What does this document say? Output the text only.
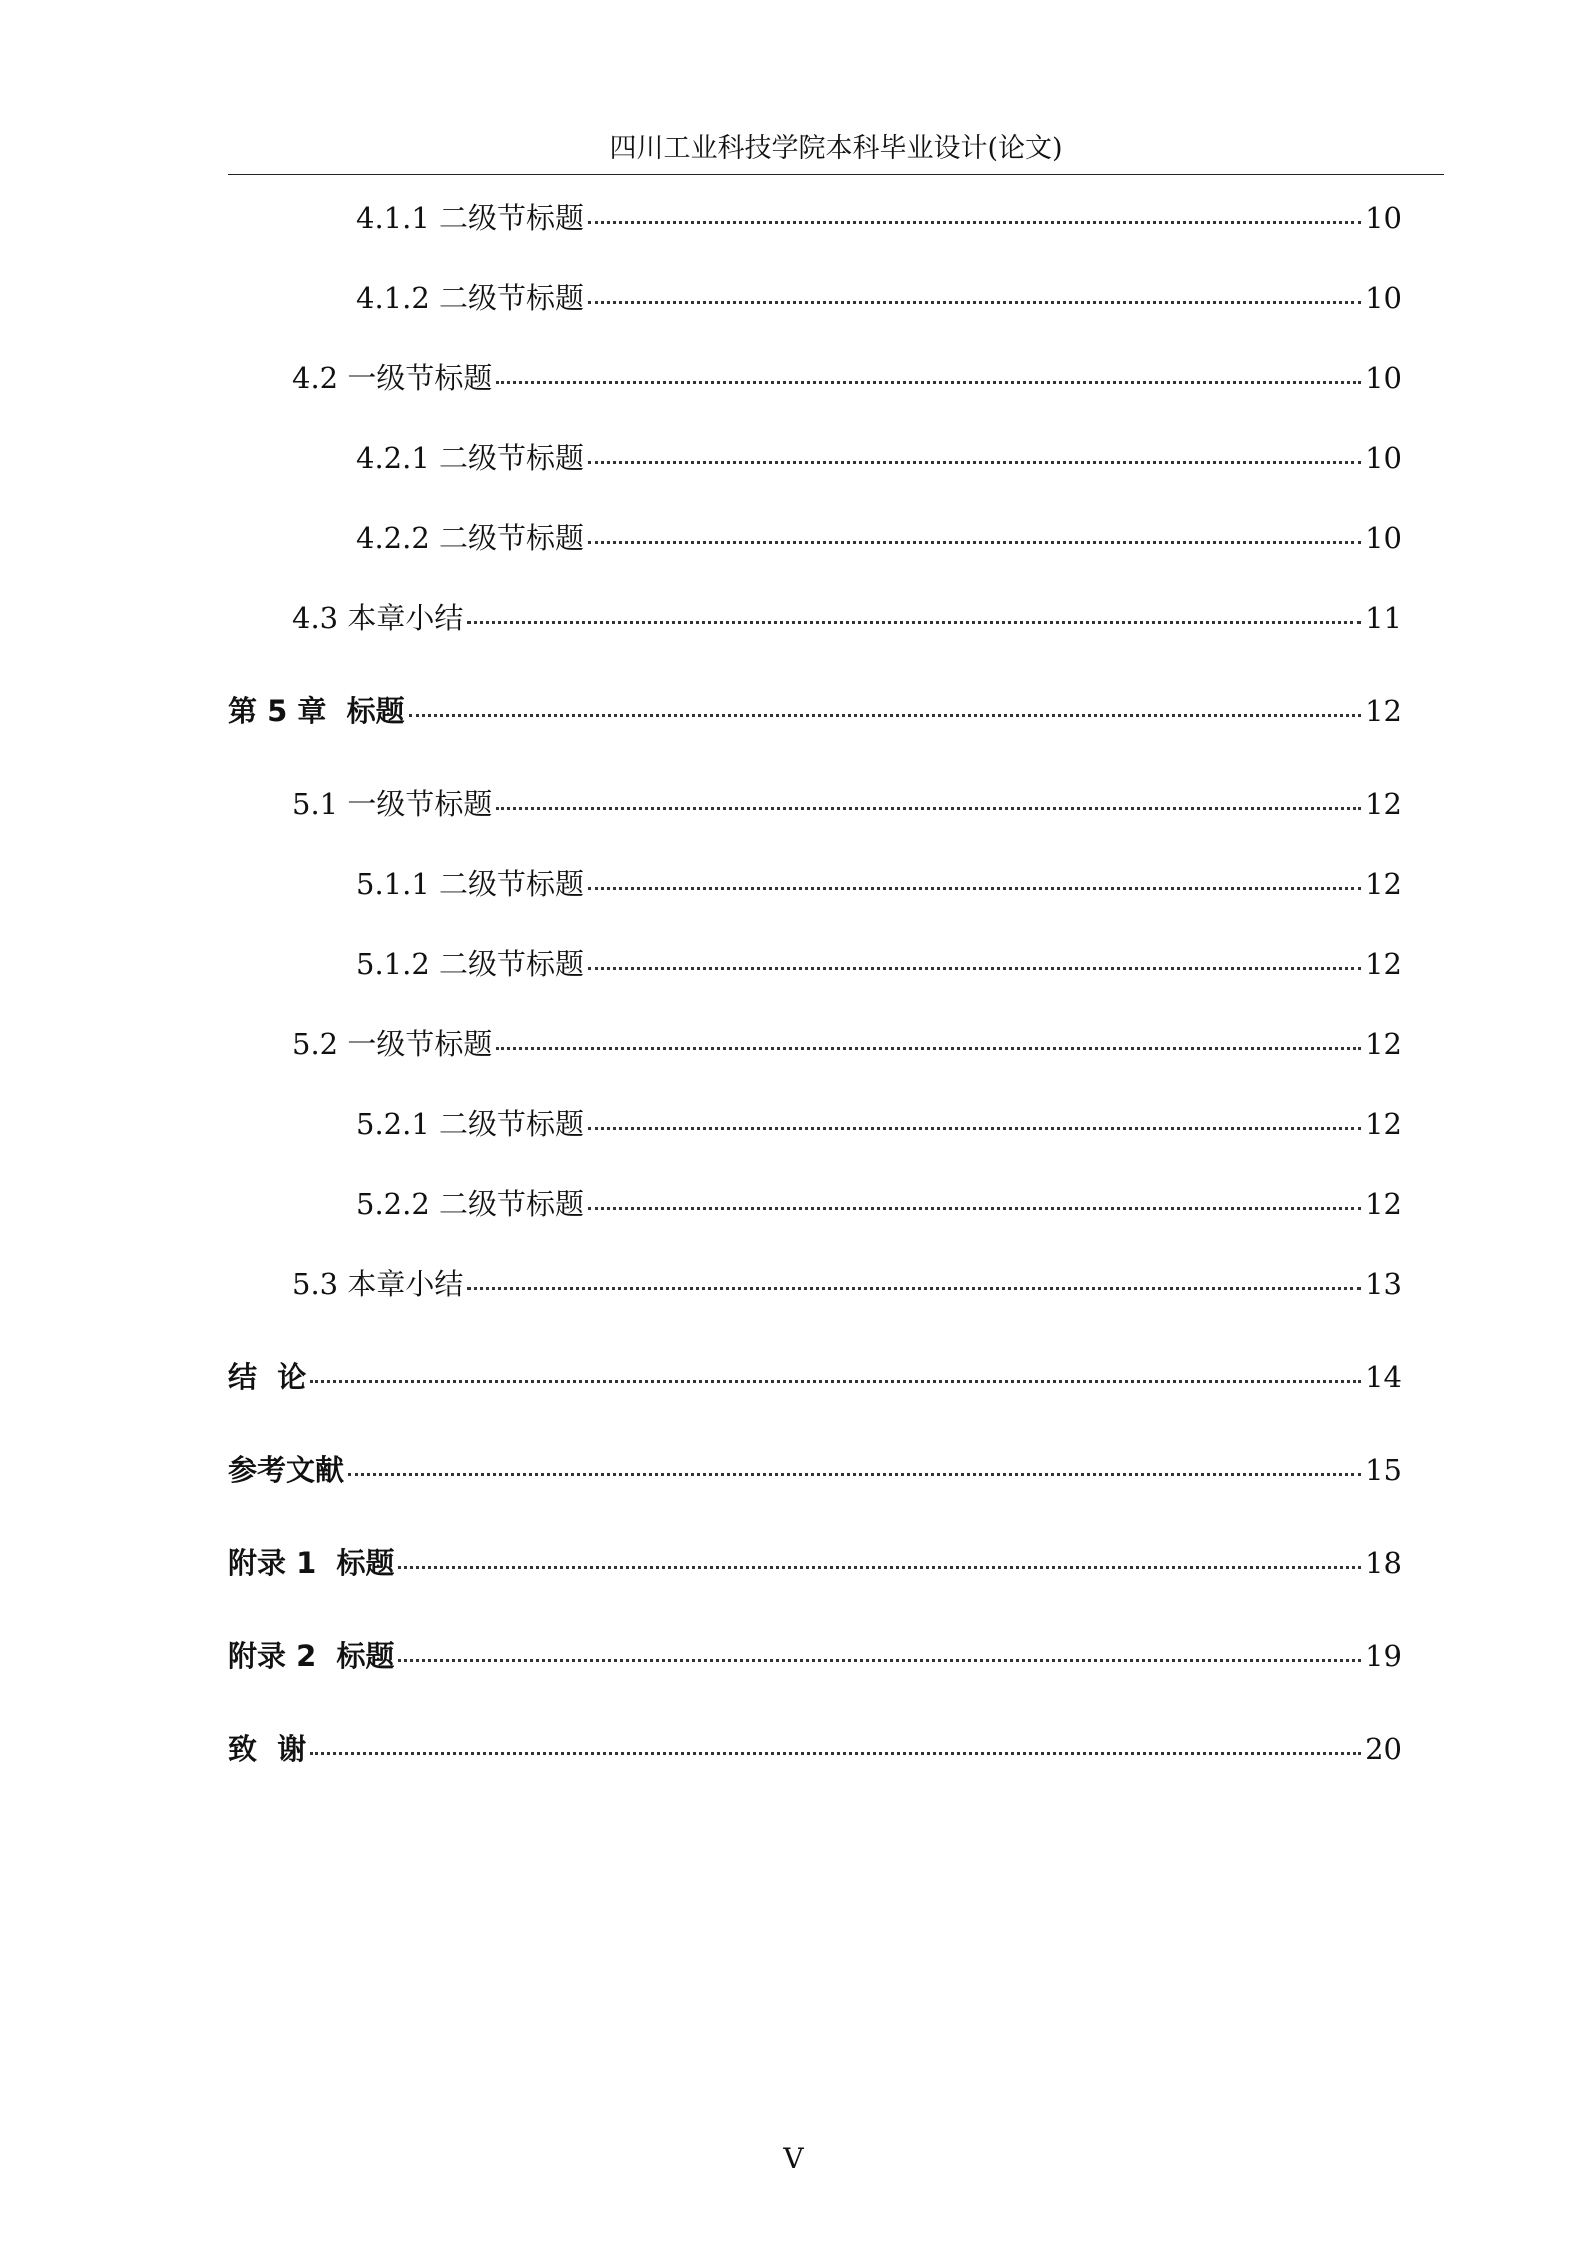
四川工业科技学院本科毕业设计(论文)
4.1.1 二级节标题	10
4.1.2 二级节标题	10
4.2 一级节标题	10
4.2.1 二级节标题	10
4.2.2 二级节标题	10
4.3 本章小结	11
第 5 章  标题	12
5.1 一级节标题	12
5.1.1 二级节标题	12
5.1.2 二级节标题	12
5.2 一级节标题	12
5.2.1 二级节标题	12
5.2.2 二级节标题	12
5.3 本章小结	13
结  论	14
参考文献	15
附录 1  标题	18
附录 2  标题	19
致  谢	20
V
